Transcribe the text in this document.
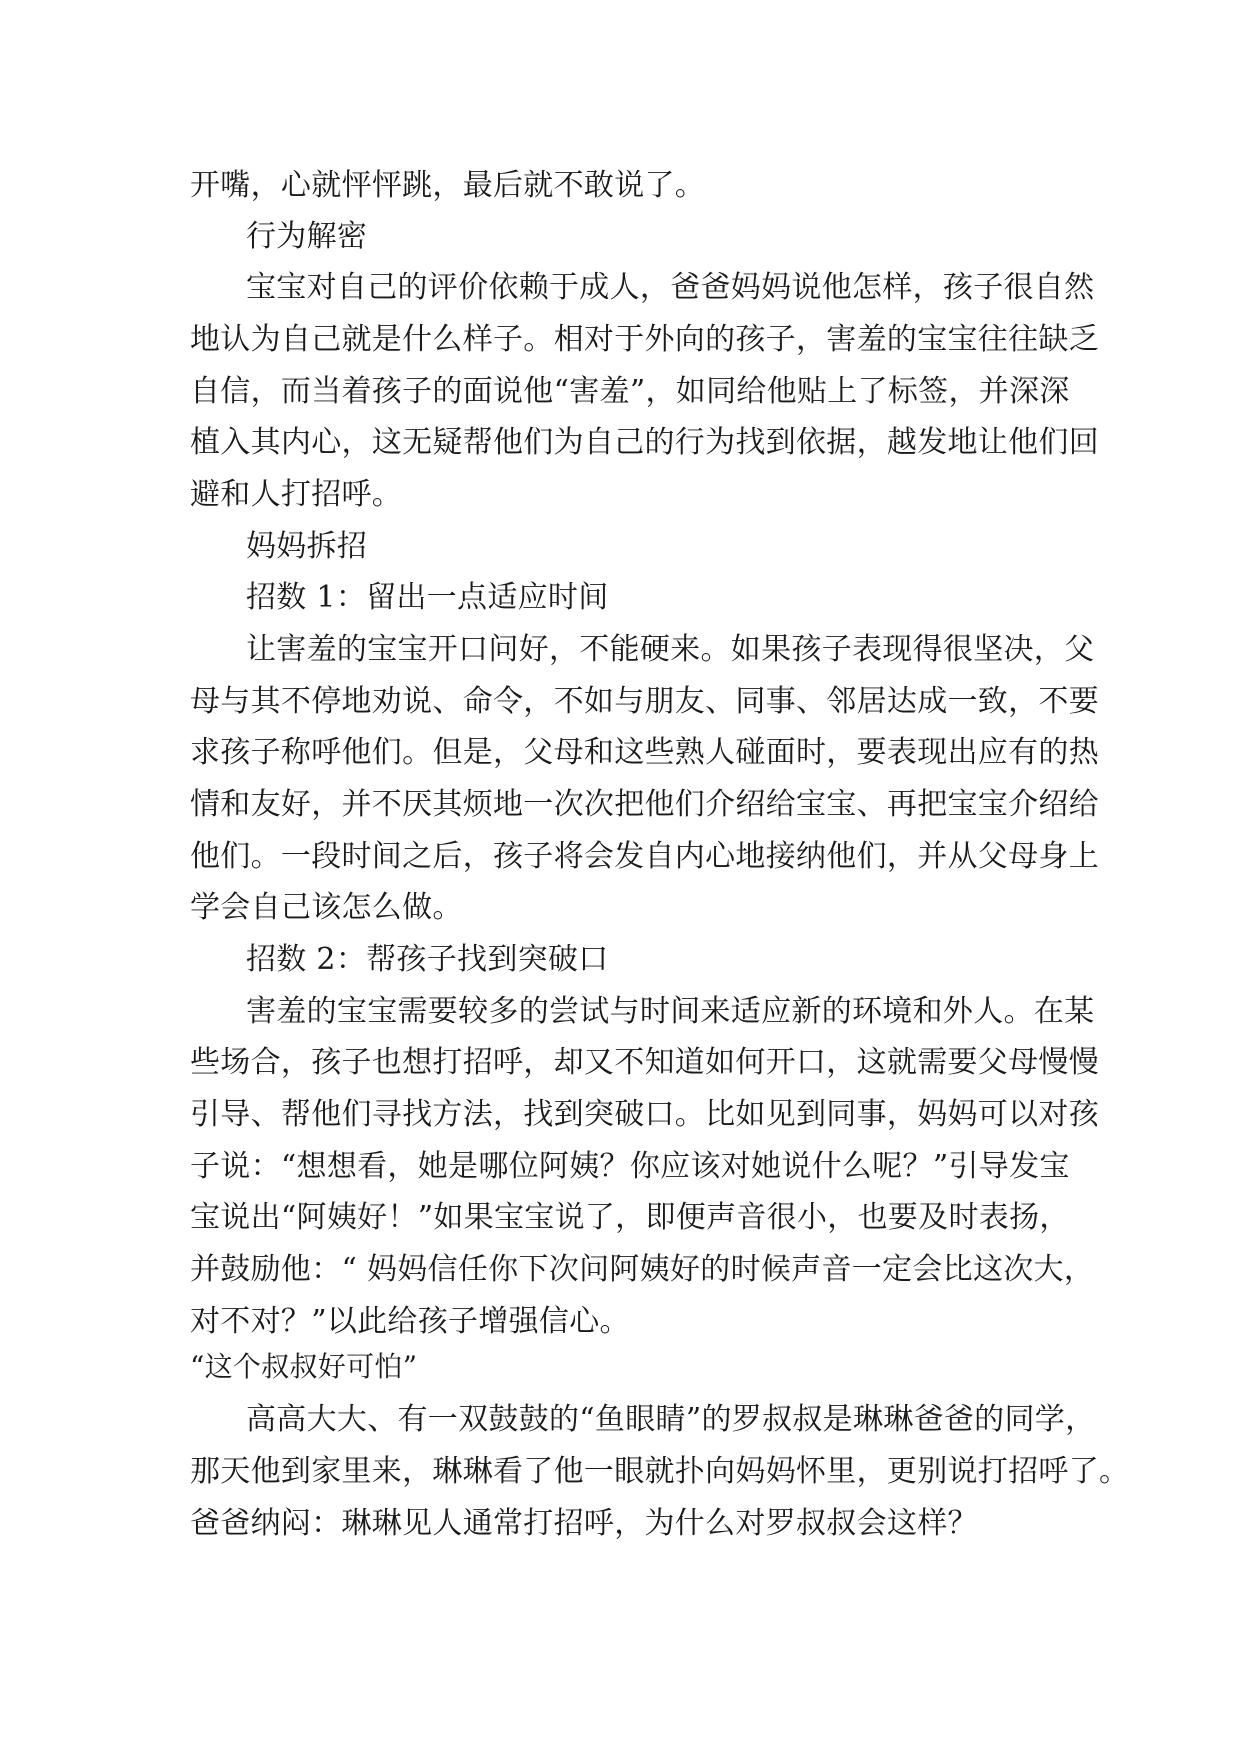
开嘴，心就怦怦跳，最后就不敢说了。
行为解密
宝宝对自己的评价依赖于成人，爸爸妈妈说他怎样，孩子很自然
地认为自己就是什么样子。相对于外向的孩子，害羞的宝宝往往缺乏
自信，而当着孩子的面说他“害羞”，如同给他贴上了标签，并深深
植入其内心，这无疑帮他们为自己的行为找到依据，越发地让他们回
避和人打招呼。
妈妈拆招
招数 1：留出一点适应时间
让害羞的宝宝开口问好，不能硬来。如果孩子表现得很坚决，父
母与其不停地劝说、命令，不如与朋友、同事、邻居达成一致，不要
求孩子称呼他们。但是，父母和这些熟人碰面时，要表现出应有的热
情和友好，并不厌其烦地一次次把他们介绍给宝宝、再把宝宝介绍给
他们。一段时间之后，孩子将会发自内心地接纳他们，并从父母身上
学会自己该怎么做。
招数 2：帮孩子找到突破口
害羞的宝宝需要较多的尝试与时间来适应新的环境和外人。在某
些场合，孩子也想打招呼，却又不知道如何开口，这就需要父母慢慢
引导、帮他们寻找方法，找到突破口。比如见到同事，妈妈可以对孩
子说：“想想看，她是哪位阿姨？你应该对她说什么呢？”引导发宝
宝说出“阿姨好！”如果宝宝说了，即便声音很小，也要及时表扬，
并鼓励他：“ 妈妈信任你下次问阿姨好的时候声音一定会比这次大，
对不对？”以此给孩子增强信心。
“这个叔叔好可怕”
高高大大、有一双鼓鼓的“鱼眼睛”的罗叔叔是琳琳爸爸的同学，
那天他到家里来，琳琳看了他一眼就扑向妈妈怀里，更别说打招呼了。
爸爸纳闷：琳琳见人通常打招呼，为什么对罗叔叔会这样？
